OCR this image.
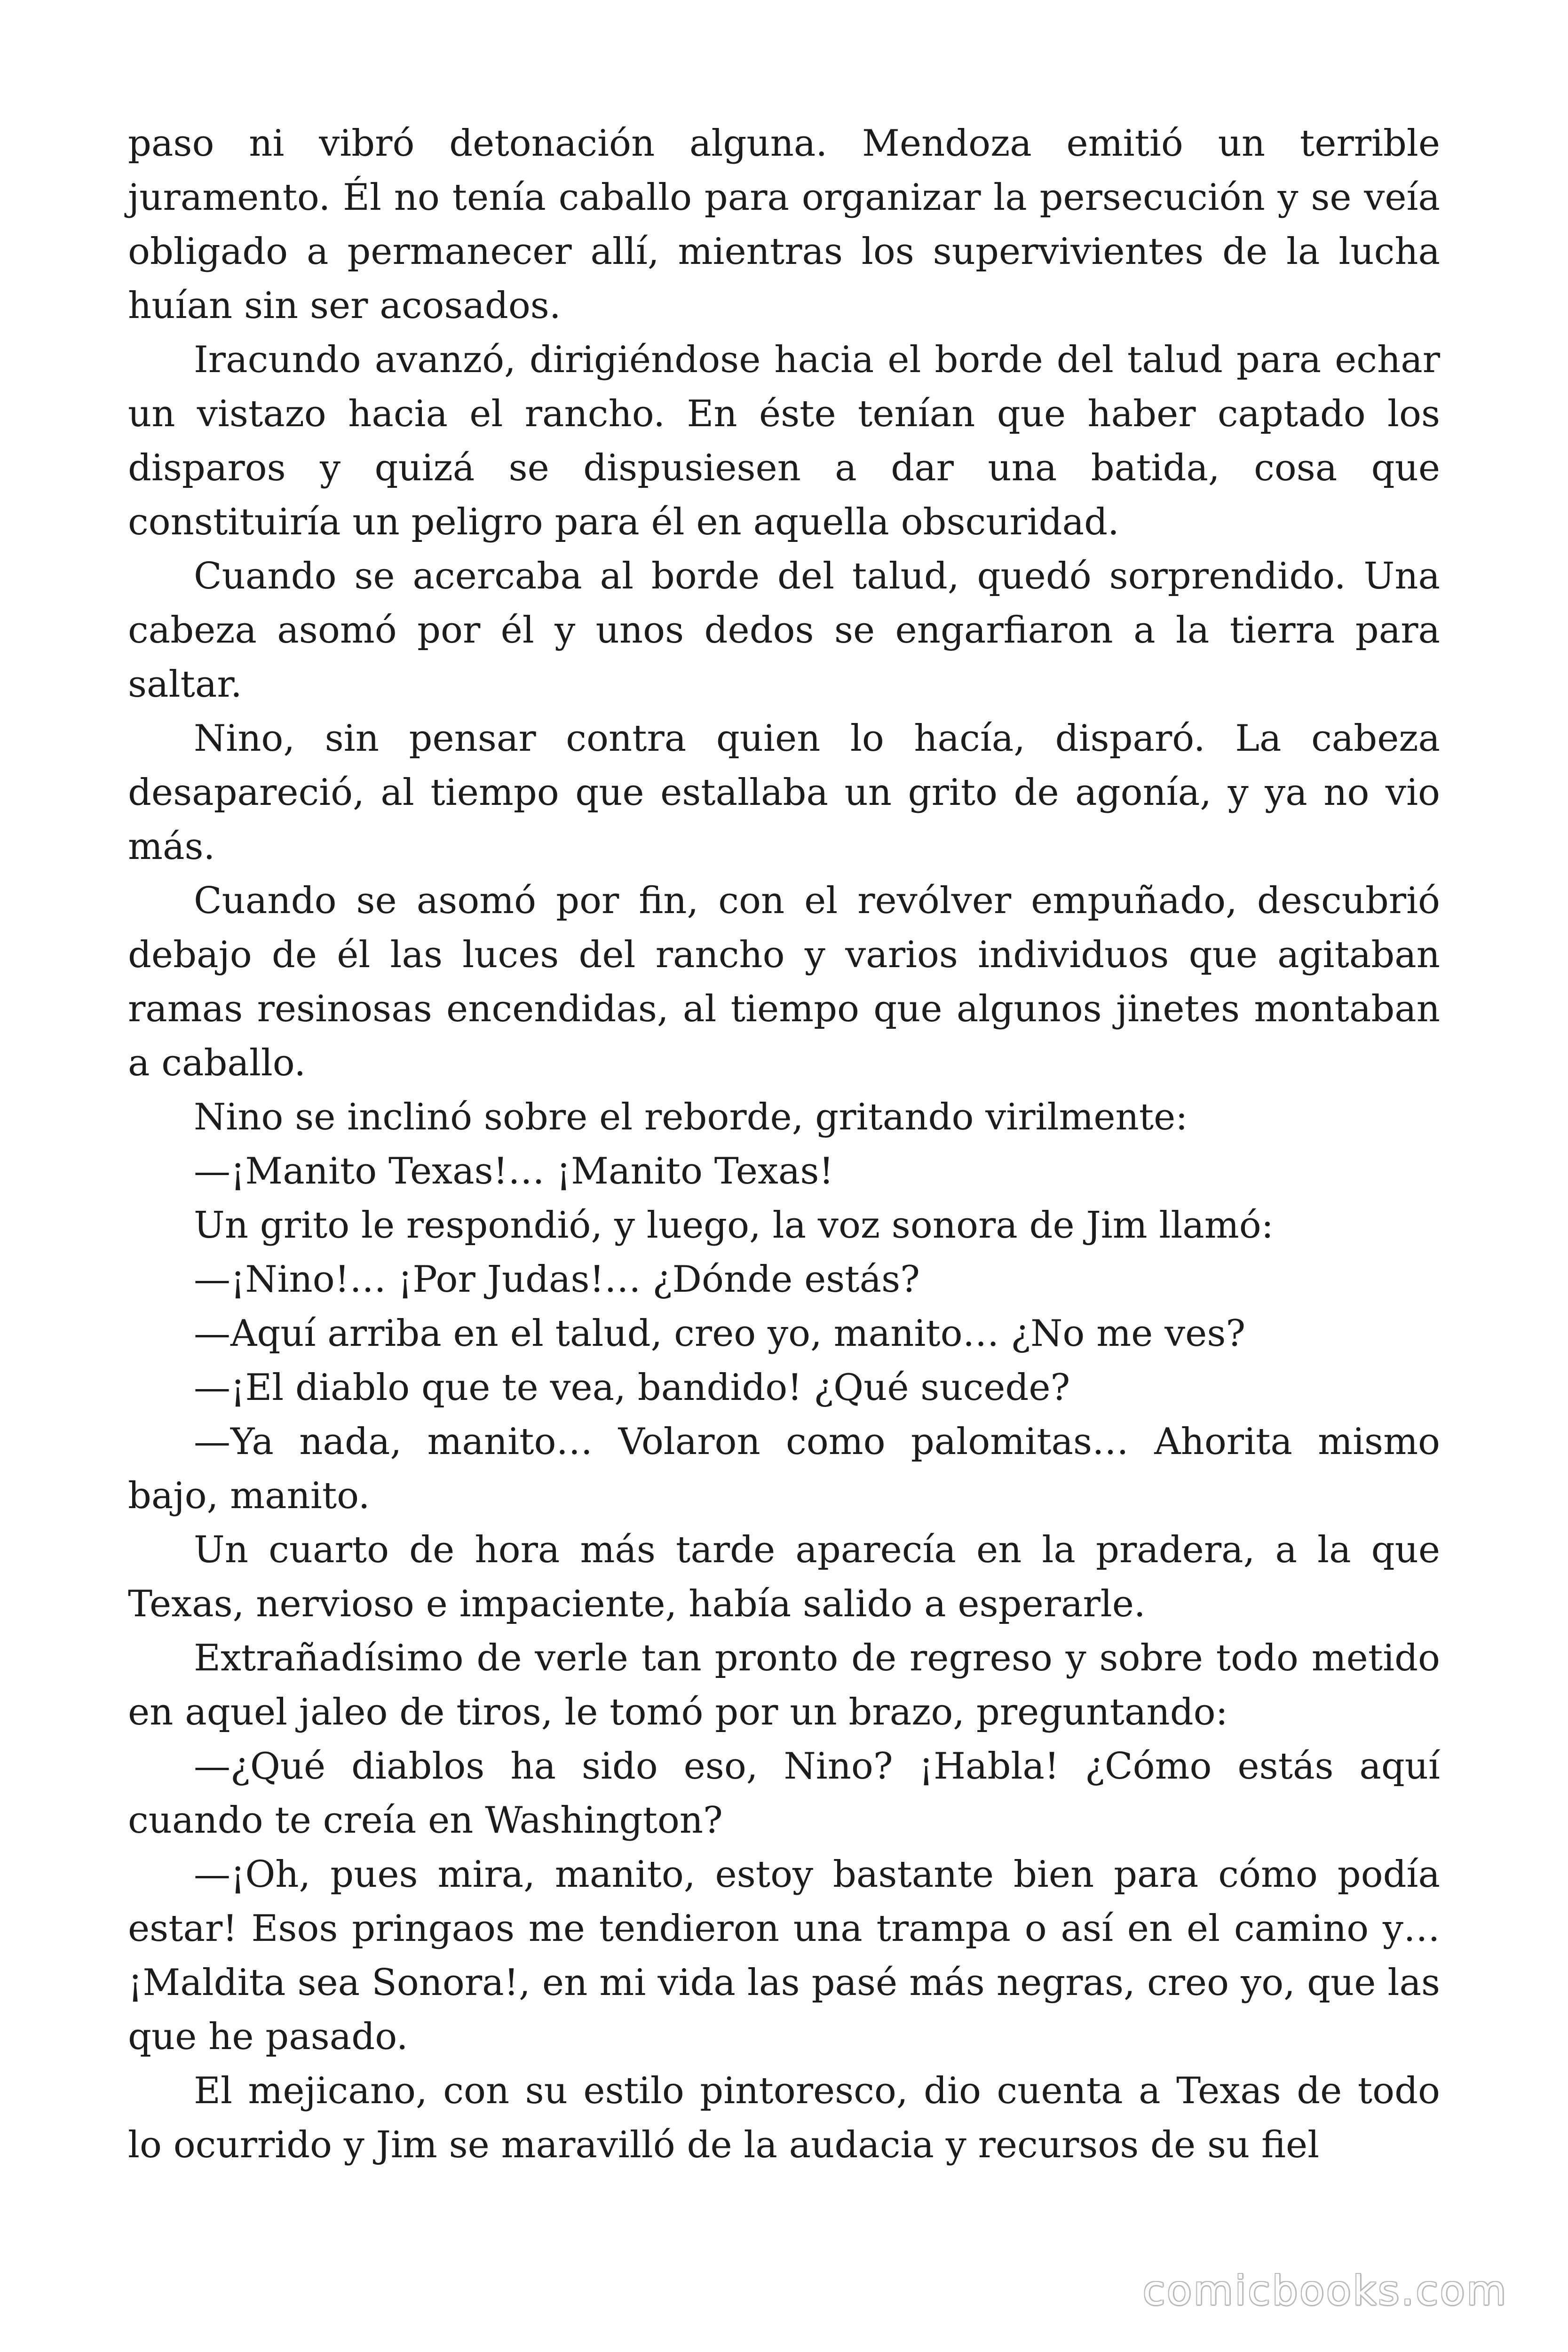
paso ni vibró detonación alguna. Mendoza emitió un terrible juramento. Él no tenía caballo para organizar la persecución y se veía obligado a permanecer allí, mientras los supervivientes de la lucha huían sin ser acosados.

Iracundo avanzó, dirigiéndose hacia el borde del talud para echar un vistazo hacia el rancho. En éste tenían que haber captado los disparos y quizá se dispusiesen a dar una batida, cosa que constituiría un peligro para él en aquella obscuridad.

Cuando se acercaba al borde del talud, quedó sorprendido. Una cabeza asomó por él y unos dedos se engarfiaron a la tierra para saltar.

Nino, sin pensar contra quien lo hacía, disparó. La cabeza desapareció, al tiempo que estallaba un grito de agonía, y ya no vio más.

Cuando se asomó por fin, con el revólver empuñado, descubrió debajo de él las luces del rancho y varios individuos que agitaban ramas resinosas encendidas, al tiempo que algunos jinetes montaban a caballo.

Nino se inclinó sobre el reborde, gritando virilmente:

—¡Manito Texas!… ¡Manito Texas!

Un grito le respondió, y luego, la voz sonora de Jim llamó:

—¡Nino!… ¡Por Judas!… ¿Dónde estás?

—Aquí arriba en el talud, creo yo, manito… ¿No me ves?

—¡El diablo que te vea, bandido! ¿Qué sucede?

—Ya nada, manito… Volaron como palomitas… Ahorita mismo bajo, manito.

Un cuarto de hora más tarde aparecía en la pradera, a la que Texas, nervioso e impaciente, había salido a esperarle.

Extrañadísimo de verle tan pronto de regreso y sobre todo metido en aquel jaleo de tiros, le tomó por un brazo, preguntando:

—¿Qué diablos ha sido eso, Nino? ¡Habla! ¿Cómo estás aquí cuando te creía en Washington?

—¡Oh, pues mira, manito, estoy bastante bien para cómo podía estar! Esos pringaos me tendieron una trampa o así en el camino y… ¡Maldita sea Sonora!, en mi vida las pasé más negras, creo yo, que las que he pasado.

El mejicano, con su estilo pintoresco, dio cuenta a Texas de todo lo ocurrido y Jim se maravilló de la audacia y recursos de su fiel

comicbooks.com
